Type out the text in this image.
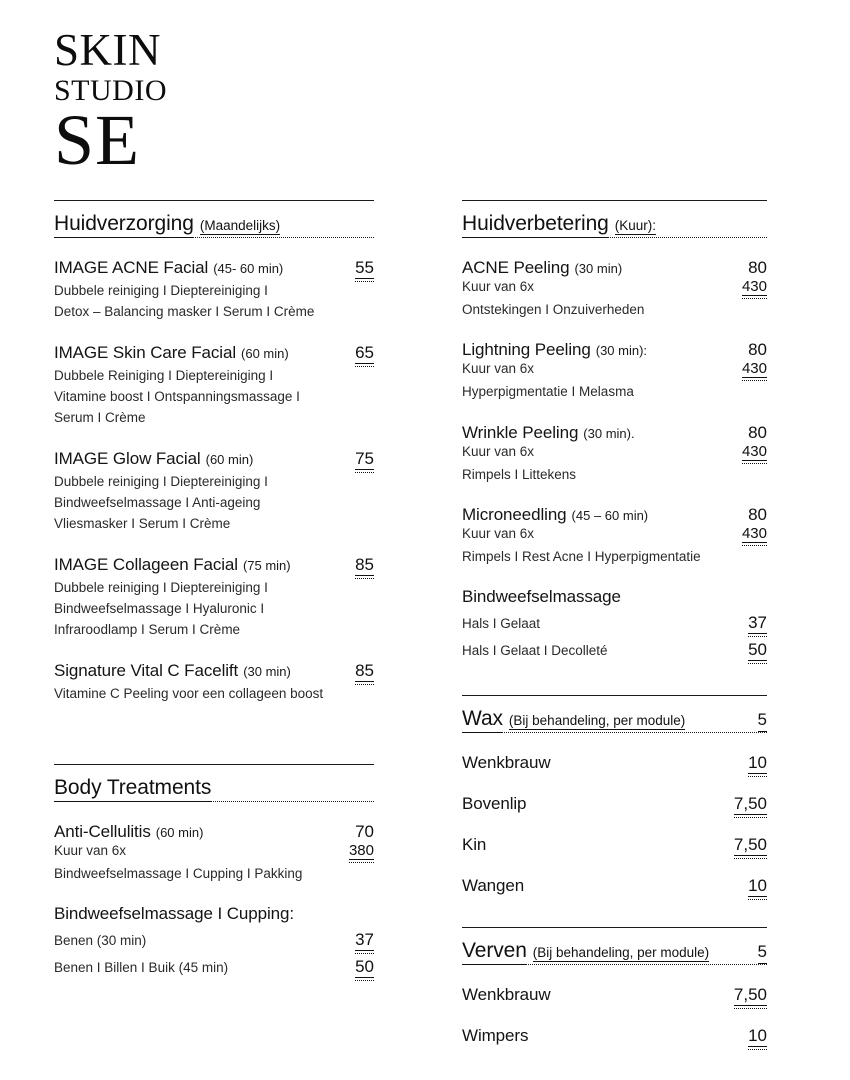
SKIN
STUDIO
SE
Huidverzorging (Maandelijks)
IMAGE ACNE Facial (45- 60 min)	55
Dubbele reiniging I Dieptereiniging I
Detox – Balancing masker I Serum I Crème
IMAGE Skin Care Facial (60 min)	65
Dubbele Reiniging I Dieptereiniging I
Vitamine boost I Ontspanningsmassage I
Serum I Crème
IMAGE Glow Facial (60 min)	75
Dubbele reiniging I Dieptereiniging I
Bindweefselmassage I Anti-ageing
Vliesmasker I Serum I Crème
IMAGE Collageen Facial (75 min)	85
Dubbele reiniging I Dieptereiniging I
Bindweefselmassage I Hyaluronic I
Infraroodlamp I Serum I Crème
Signature Vital C Facelift (30 min)	85
Vitamine C Peeling voor een collageen boost
Body Treatments
Anti-Cellulitis (60 min)	70
Kuur van 6x	380
Bindweefselmassage I Cupping I Pakking
Bindweefselmassage I Cupping:
Benen (30 min)	37
Benen I Billen I Buik (45 min)	50
Huidverbetering (Kuur):
ACNE Peeling (30 min)	80
Kuur van 6x	430
Ontstekingen I Onzuiverheden
Lightning Peeling (30 min):	80
Kuur van 6x	430
Hyperpigmentatie I Melasma
Wrinkle Peeling (30 min).	80
Kuur van 6x	430
Rimpels I Littekens
Microneedling (45 – 60 min)	80
Kuur van 6x	430
Rimpels I Rest Acne I Hyperpigmentatie
Bindweefselmassage
Hals I Gelaat	37
Hals I Gelaat I Decolleté	50
Wax (Bij behandeling, per module)	5
Wenkbrauw	10
Bovenlip	7,50
Kin	7,50
Wangen	10
Verven (Bij behandeling, per module)	5
Wenkbrauw	7,50
Wimpers	10
